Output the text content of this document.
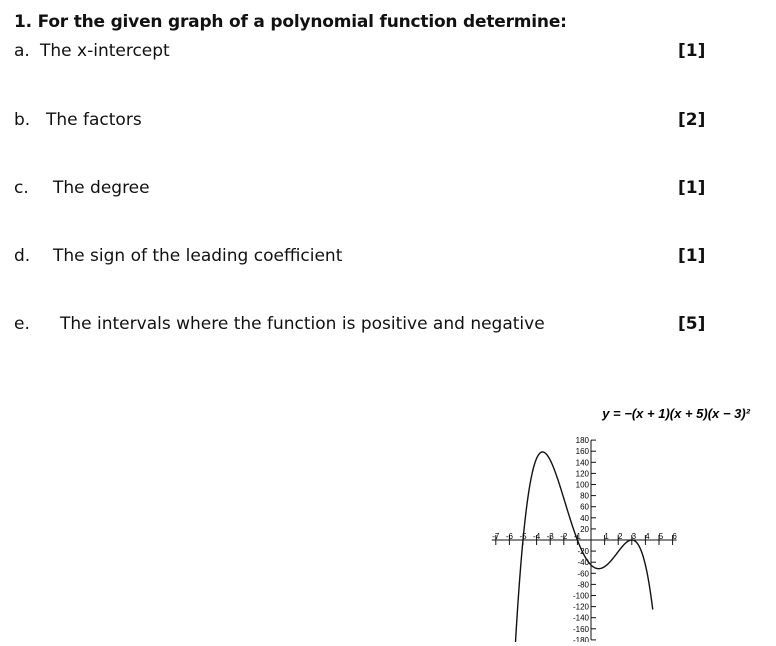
1. For the given graph of a polynomial function determine:
a. The x-intercept	[1]
b. The factors	[2]
c. The degree	[1]
d. The sign of the leading coefficient	[1]
e. The intervals where the function is positive and negative	[5]
y = −(x + 1)(x + 5)(x − 3)²
-7 -6 -5 -4 -3 -2 -1	1 2 3 4 5 6
180
160
140
120
100
80
60
40
20
-20
-40
-60
-80
-100
-120
-140
-160
-180
